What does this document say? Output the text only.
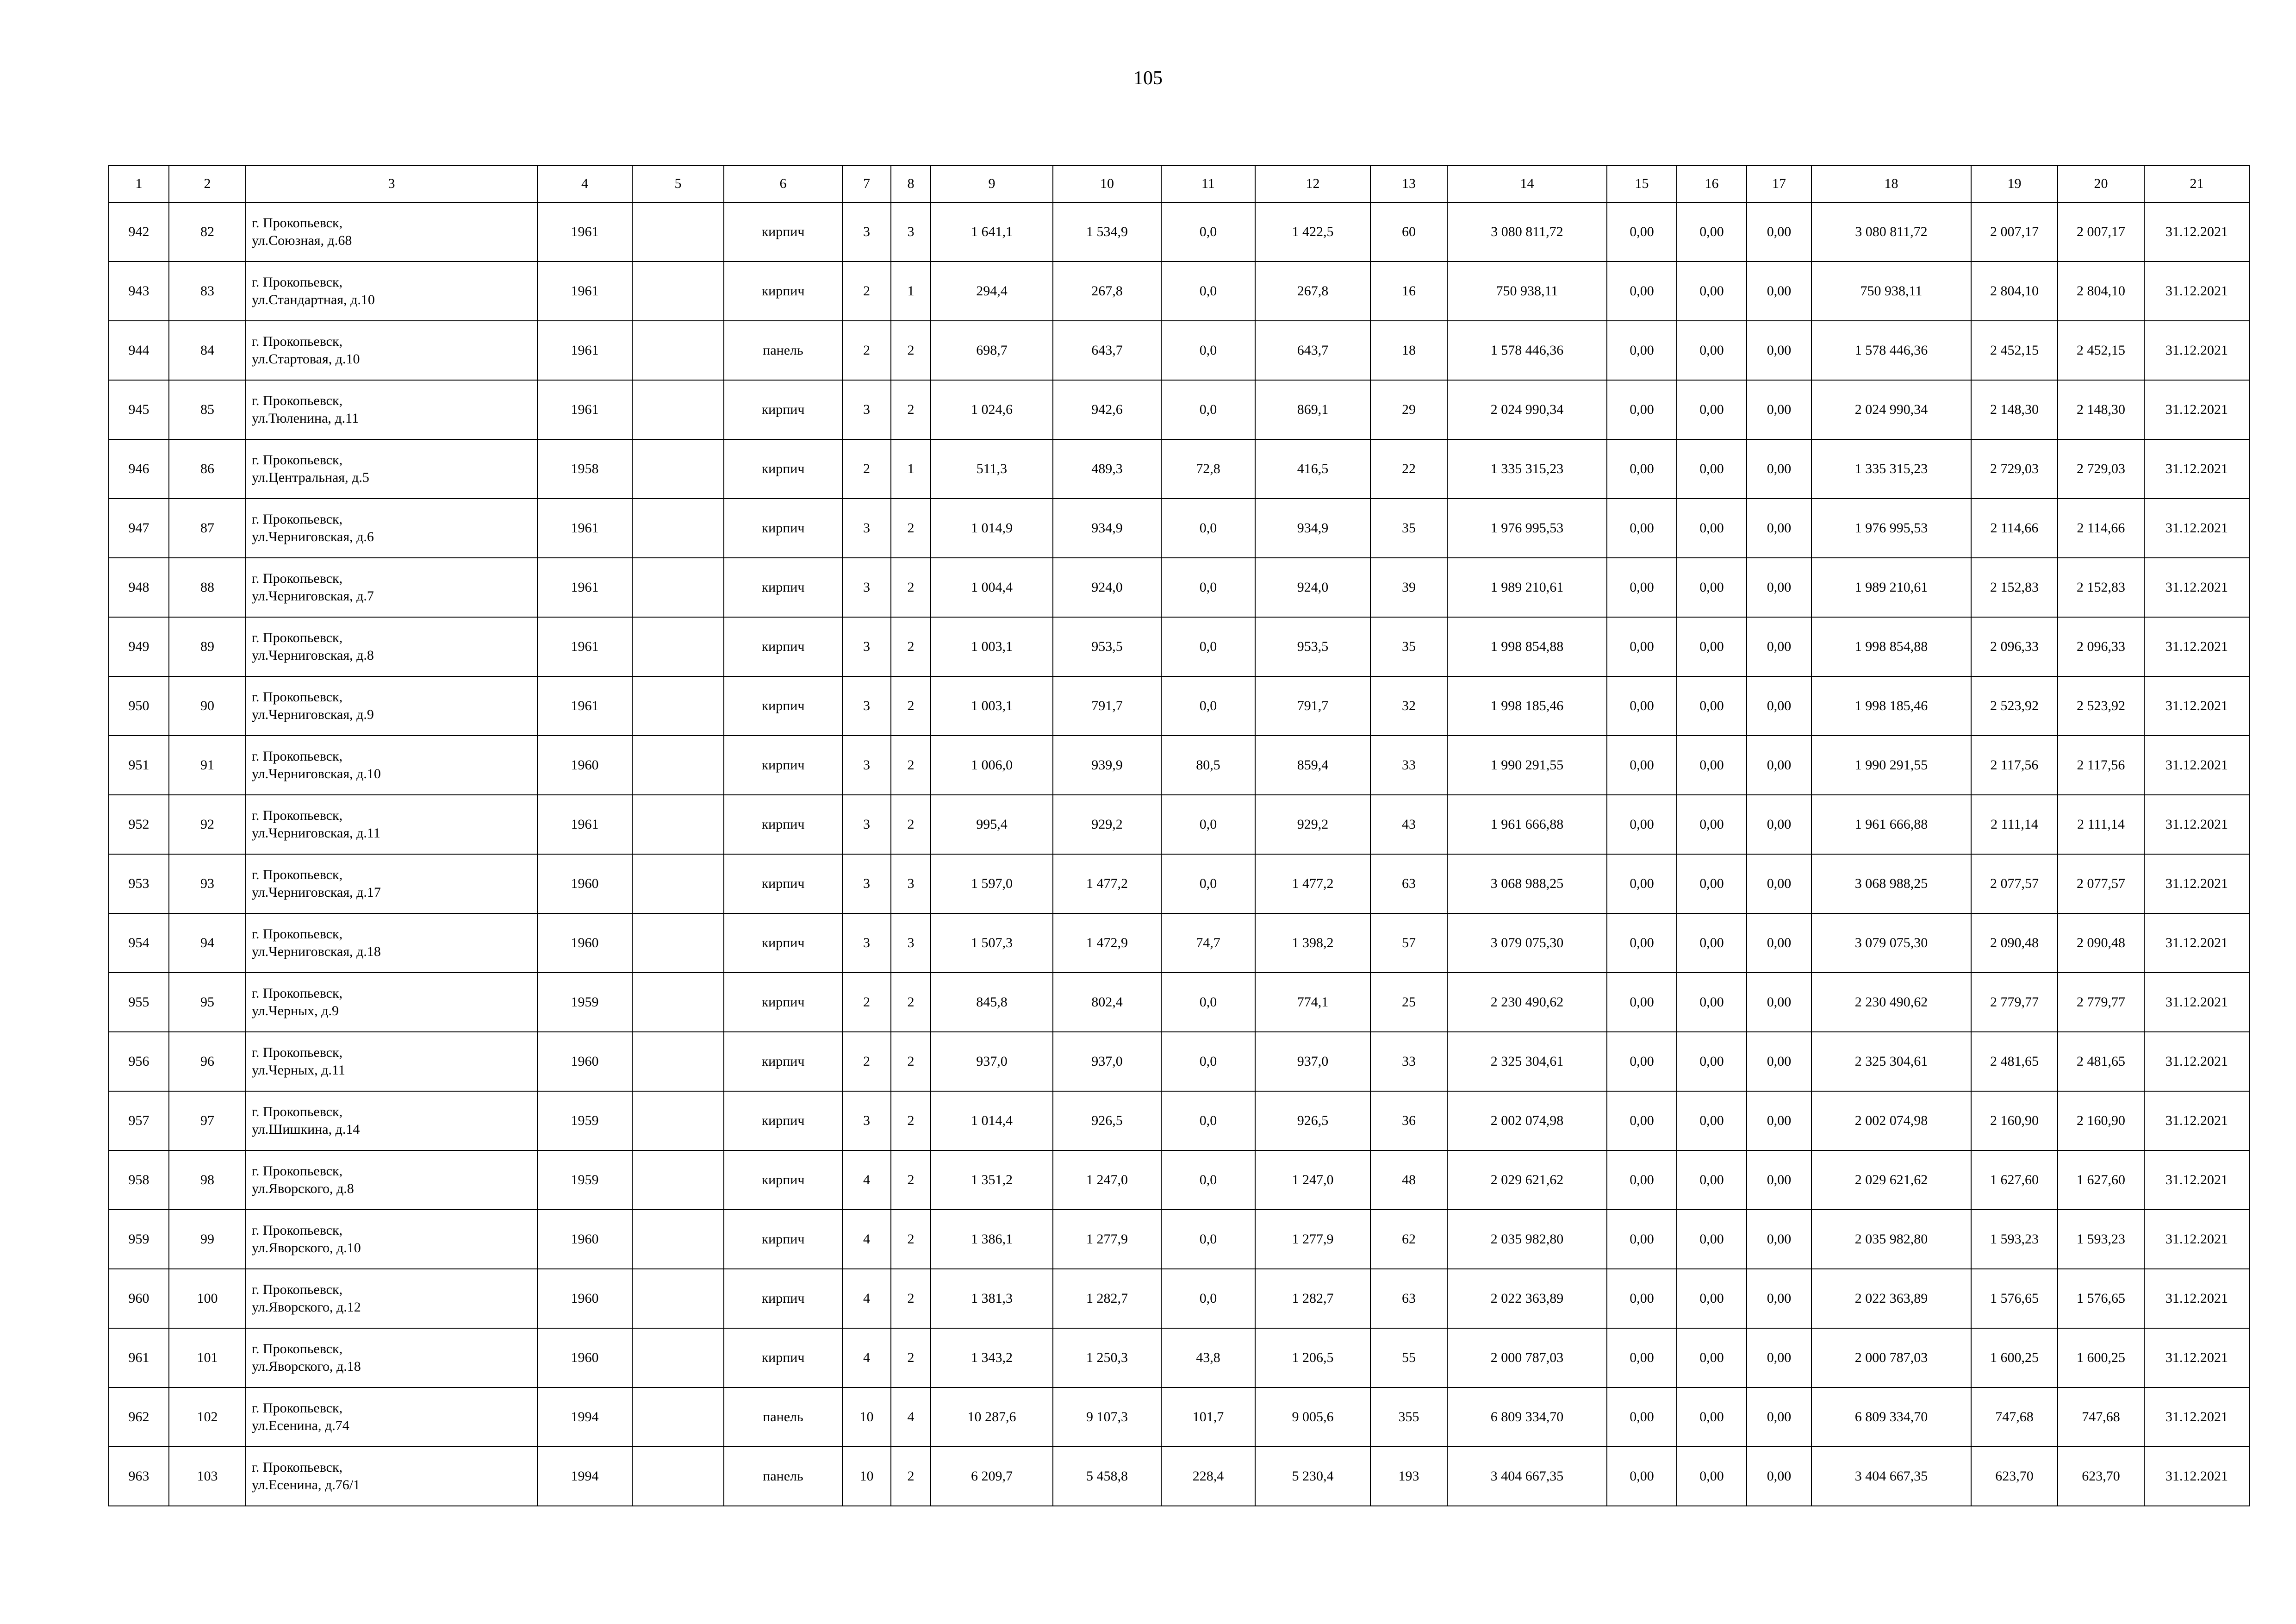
105
1	2	3	4	5	6	7	8	9	10	11	12	13	14	15	16	17	18	19	20	21
942	82	г. Прокопьевск,
ул.Союзная, д.68	1961		кирпич	3	3	1 641,1	1 534,9	0,0	1 422,5	60	3 080 811,72	0,00	0,00	0,00	3 080 811,72	2 007,17	2 007,17	31.12.2021
943	83	г. Прокопьевск,
ул.Стандартная, д.10	1961		кирпич	2	1	294,4	267,8	0,0	267,8	16	750 938,11	0,00	0,00	0,00	750 938,11	2 804,10	2 804,10	31.12.2021
944	84	г. Прокопьевск,
ул.Стартовая, д.10	1961		панель	2	2	698,7	643,7	0,0	643,7	18	1 578 446,36	0,00	0,00	0,00	1 578 446,36	2 452,15	2 452,15	31.12.2021
945	85	г. Прокопьевск,
ул.Тюленина, д.11	1961		кирпич	3	2	1 024,6	942,6	0,0	869,1	29	2 024 990,34	0,00	0,00	0,00	2 024 990,34	2 148,30	2 148,30	31.12.2021
946	86	г. Прокопьевск,
ул.Центральная, д.5	1958		кирпич	2	1	511,3	489,3	72,8	416,5	22	1 335 315,23	0,00	0,00	0,00	1 335 315,23	2 729,03	2 729,03	31.12.2021
947	87	г. Прокопьевск,
ул.Черниговская, д.6	1961		кирпич	3	2	1 014,9	934,9	0,0	934,9	35	1 976 995,53	0,00	0,00	0,00	1 976 995,53	2 114,66	2 114,66	31.12.2021
948	88	г. Прокопьевск,
ул.Черниговская, д.7	1961		кирпич	3	2	1 004,4	924,0	0,0	924,0	39	1 989 210,61	0,00	0,00	0,00	1 989 210,61	2 152,83	2 152,83	31.12.2021
949	89	г. Прокопьевск,
ул.Черниговская, д.8	1961		кирпич	3	2	1 003,1	953,5	0,0	953,5	35	1 998 854,88	0,00	0,00	0,00	1 998 854,88	2 096,33	2 096,33	31.12.2021
950	90	г. Прокопьевск,
ул.Черниговская, д.9	1961		кирпич	3	2	1 003,1	791,7	0,0	791,7	32	1 998 185,46	0,00	0,00	0,00	1 998 185,46	2 523,92	2 523,92	31.12.2021
951	91	г. Прокопьевск,
ул.Черниговская, д.10	1960		кирпич	3	2	1 006,0	939,9	80,5	859,4	33	1 990 291,55	0,00	0,00	0,00	1 990 291,55	2 117,56	2 117,56	31.12.2021
952	92	г. Прокопьевск,
ул.Черниговская, д.11	1961		кирпич	3	2	995,4	929,2	0,0	929,2	43	1 961 666,88	0,00	0,00	0,00	1 961 666,88	2 111,14	2 111,14	31.12.2021
953	93	г. Прокопьевск,
ул.Черниговская, д.17	1960		кирпич	3	3	1 597,0	1 477,2	0,0	1 477,2	63	3 068 988,25	0,00	0,00	0,00	3 068 988,25	2 077,57	2 077,57	31.12.2021
954	94	г. Прокопьевск,
ул.Черниговская, д.18	1960		кирпич	3	3	1 507,3	1 472,9	74,7	1 398,2	57	3 079 075,30	0,00	0,00	0,00	3 079 075,30	2 090,48	2 090,48	31.12.2021
955	95	г. Прокопьевск,
ул.Черных, д.9	1959		кирпич	2	2	845,8	802,4	0,0	774,1	25	2 230 490,62	0,00	0,00	0,00	2 230 490,62	2 779,77	2 779,77	31.12.2021
956	96	г. Прокопьевск,
ул.Черных, д.11	1960		кирпич	2	2	937,0	937,0	0,0	937,0	33	2 325 304,61	0,00	0,00	0,00	2 325 304,61	2 481,65	2 481,65	31.12.2021
957	97	г. Прокопьевск,
ул.Шишкина, д.14	1959		кирпич	3	2	1 014,4	926,5	0,0	926,5	36	2 002 074,98	0,00	0,00	0,00	2 002 074,98	2 160,90	2 160,90	31.12.2021
958	98	г. Прокопьевск,
ул.Яворского, д.8	1959		кирпич	4	2	1 351,2	1 247,0	0,0	1 247,0	48	2 029 621,62	0,00	0,00	0,00	2 029 621,62	1 627,60	1 627,60	31.12.2021
959	99	г. Прокопьевск,
ул.Яворского, д.10	1960		кирпич	4	2	1 386,1	1 277,9	0,0	1 277,9	62	2 035 982,80	0,00	0,00	0,00	2 035 982,80	1 593,23	1 593,23	31.12.2021
960	100	г. Прокопьевск,
ул.Яворского, д.12	1960		кирпич	4	2	1 381,3	1 282,7	0,0	1 282,7	63	2 022 363,89	0,00	0,00	0,00	2 022 363,89	1 576,65	1 576,65	31.12.2021
961	101	г. Прокопьевск,
ул.Яворского, д.18	1960		кирпич	4	2	1 343,2	1 250,3	43,8	1 206,5	55	2 000 787,03	0,00	0,00	0,00	2 000 787,03	1 600,25	1 600,25	31.12.2021
962	102	г. Прокопьевск,
ул.Есенина, д.74	1994		панель	10	4	10 287,6	9 107,3	101,7	9 005,6	355	6 809 334,70	0,00	0,00	0,00	6 809 334,70	747,68	747,68	31.12.2021
963	103	г. Прокопьевск,
ул.Есенина, д.76/1	1994		панель	10	2	6 209,7	5 458,8	228,4	5 230,4	193	3 404 667,35	0,00	0,00	0,00	3 404 667,35	623,70	623,70	31.12.2021
